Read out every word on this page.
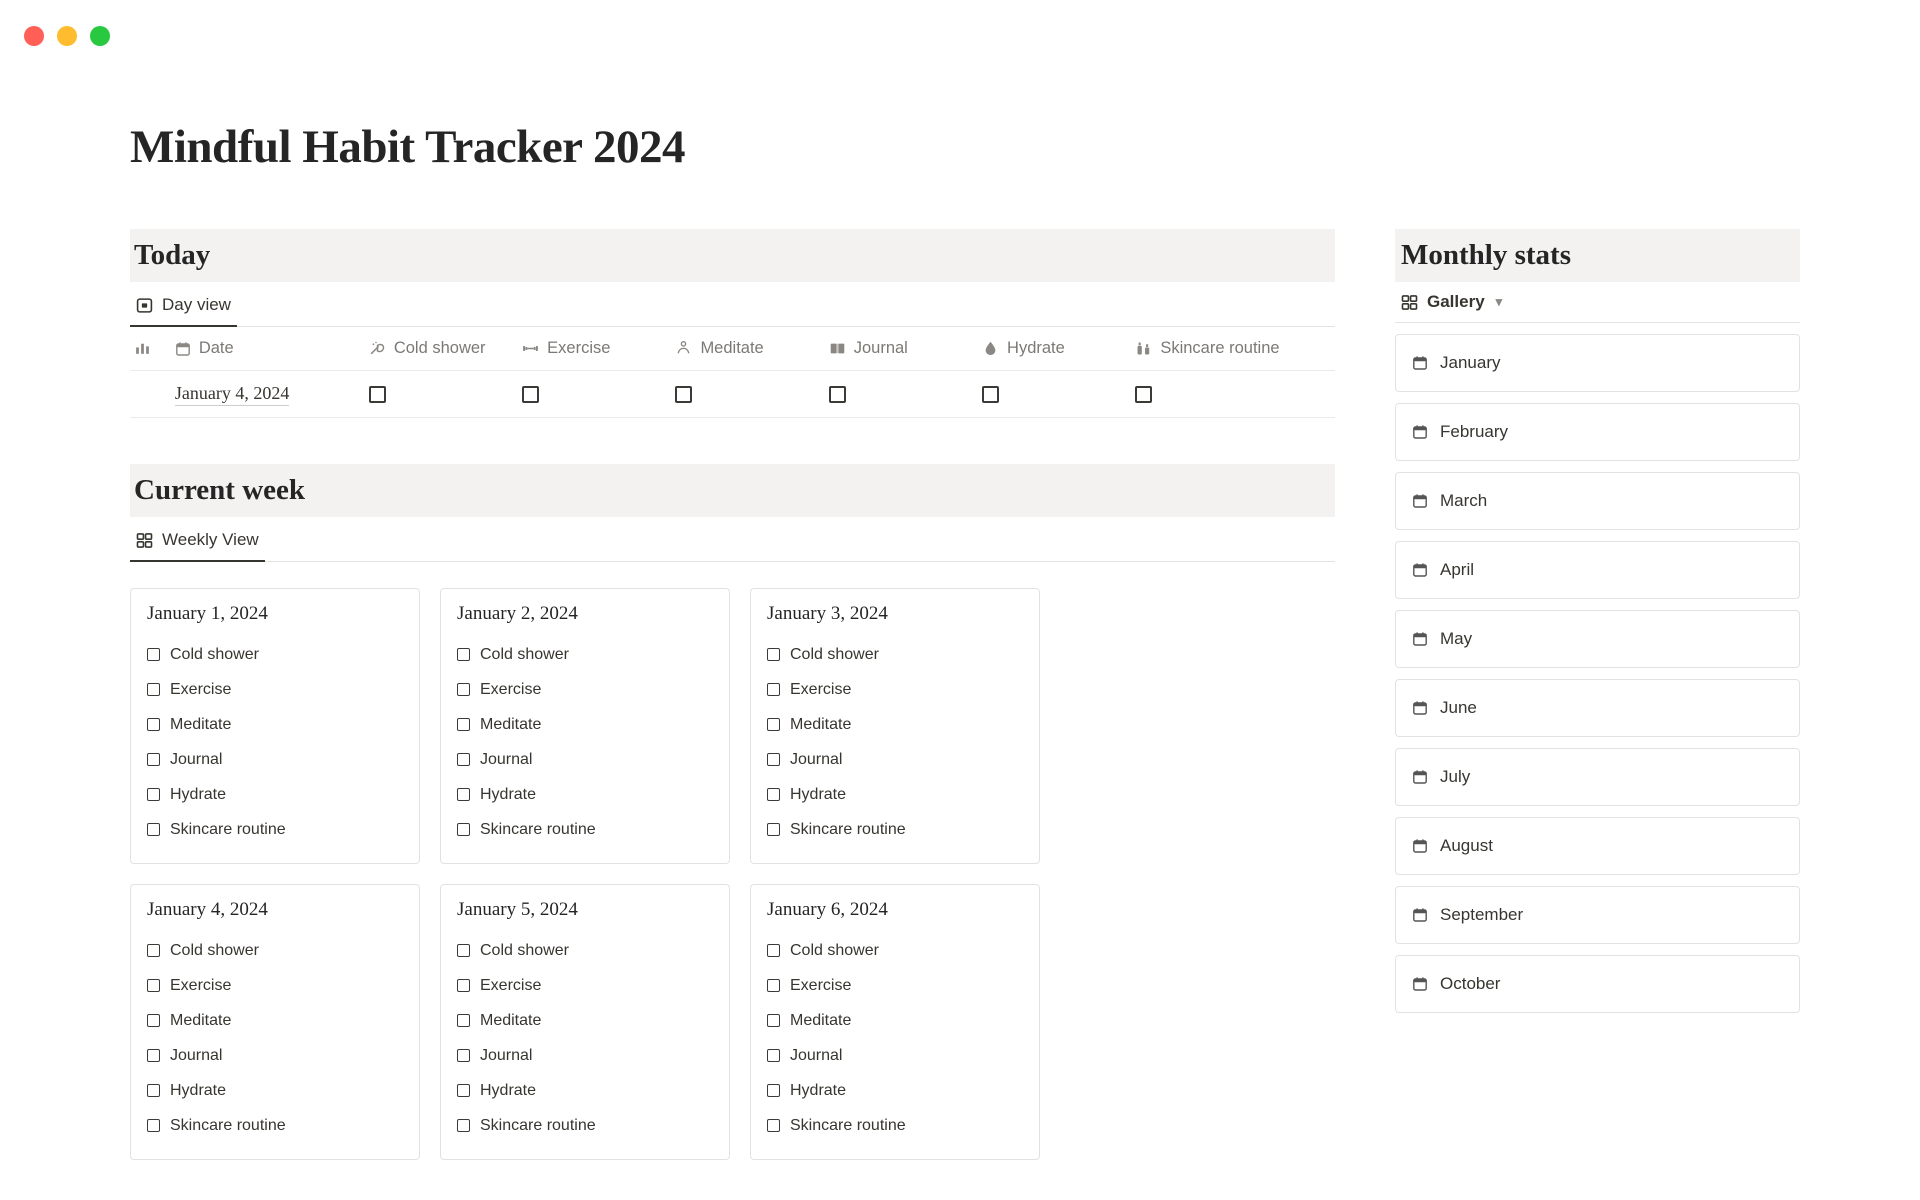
Mindful Habit Tracker 2024
Today
Day view
Date	Cold shower	Exercise	Meditate	Journal	Hydrate	Skincare routine
January 4, 2024
Current week
Weekly View
January 1, 2024
Cold shower
Exercise
Meditate
Journal
Hydrate
Skincare routine
January 2, 2024
Cold shower
Exercise
Meditate
Journal
Hydrate
Skincare routine
January 3, 2024
Cold shower
Exercise
Meditate
Journal
Hydrate
Skincare routine
January 4, 2024
Cold shower
Exercise
Meditate
Journal
Hydrate
Skincare routine
January 5, 2024
Cold shower
Exercise
Meditate
Journal
Hydrate
Skincare routine
January 6, 2024
Cold shower
Exercise
Meditate
Journal
Hydrate
Skincare routine
Monthly stats
Gallery ▾
January
February
March
April
May
June
July
August
September
October
